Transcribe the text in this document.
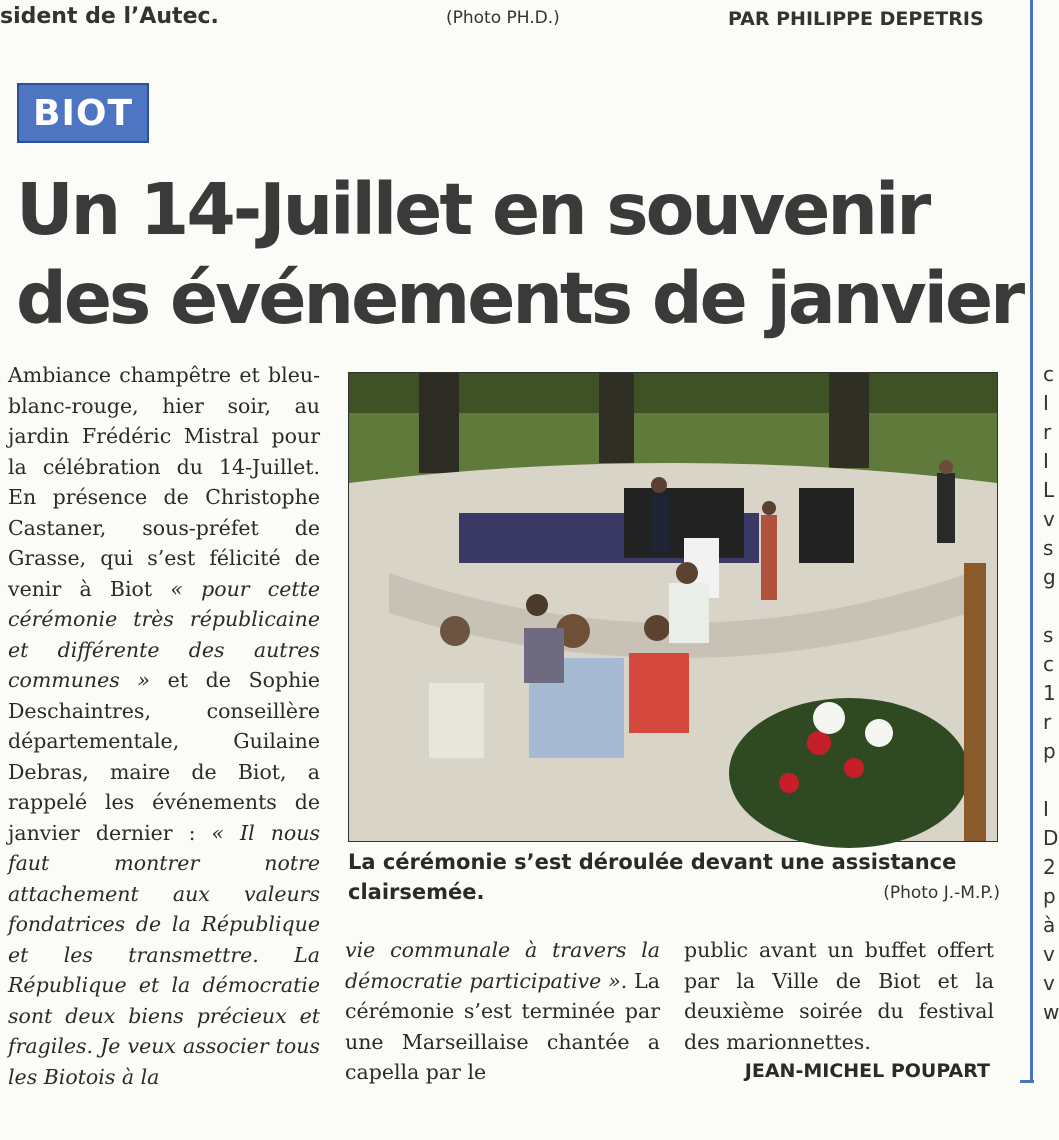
sident de l’Autec.	(Photo PH.D.)	PAR PHILIPPE DEPETRIS
c
I
r
I
L
v
s
g
s
c
1
r
p
I
D
2
p
à
v
v
w
BIOT
Un 14-Juillet en souvenir
des événements de janvier

Ambiance champêtre et bleu-blanc-rouge, hier soir, au jardin Frédéric Mistral pour la célébration du 14-Juillet. En présence de Christophe Castaner, sous-préfet de Grasse, qui s’est félicité de venir à Biot « pour cette cérémonie très républicaine et différente des autres communes » et de Sophie Deschaintres, conseillère départementale, Guilaine Debras, maire de Biot, a rappelé les événements de janvier dernier : « Il nous faut montrer notre attachement aux valeurs fondatrices de la République et les transmettre. La République et la démocratie sont deux biens précieux et fragiles. Je veux associer tous les Biotois à la

La cérémonie s’est déroulée devant une assistance clairsemée.	(Photo J.-M.P.)

vie communale à travers la démocratie participative ». La cérémonie s’est terminée par une Marseillaise chantée a capella par le

public avant un buffet offert par la Ville de Biot et la deuxième soirée du festival des marionnettes.

JEAN-MICHEL POUPART
